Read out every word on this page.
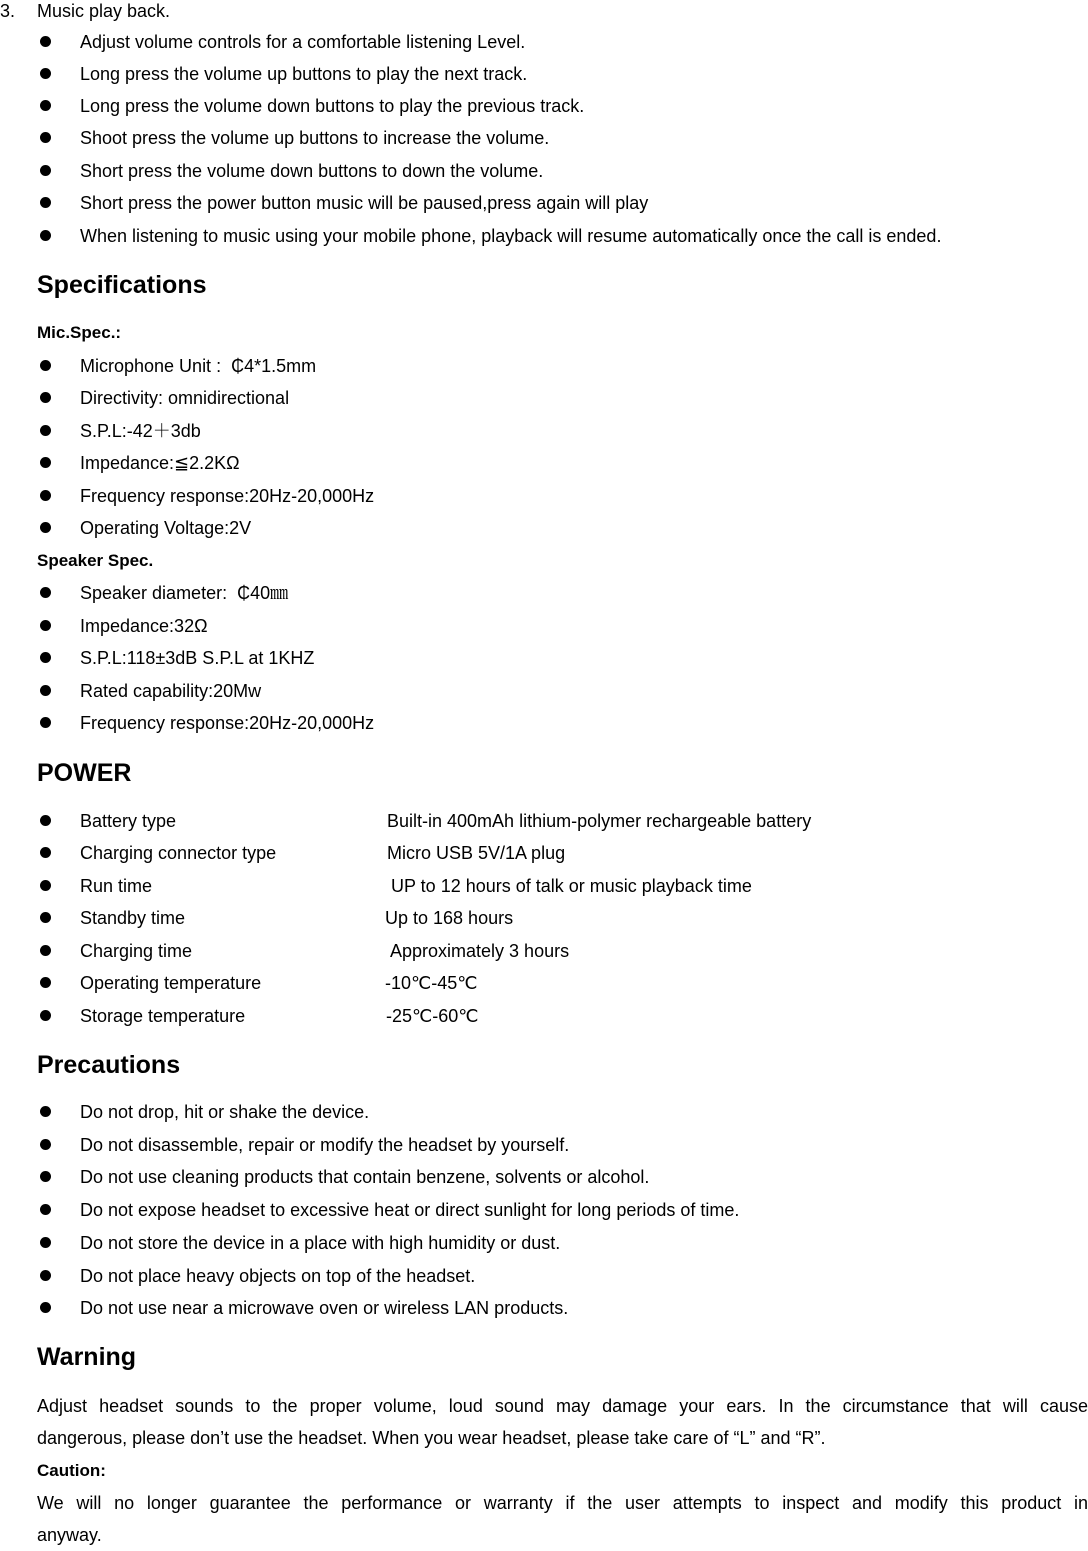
3. Music play back.
Adjust volume controls for a comfortable listening Level.
Long press the volume up buttons to play the next track.
Long press the volume down buttons to play the previous track.
Shoot press the volume up buttons to increase the volume.
Short press the volume down buttons to down the volume.
Short press the power button music will be paused,press again will play
When listening to music using your mobile phone, playback will resume automatically once the call is ended.
Specifications
Mic.Spec.:
Microphone Unit :  ₵4*1.5mm
Directivity: omnidirectional
S.P.L:-42＋3db
Impedance:≦2.2KΩ
Frequency response:20Hz-20,000Hz
Operating Voltage:2V
Speaker Spec.
Speaker diameter:  ₵40㎜
Impedance:32Ω
S.P.L:118±3dB S.P.L at 1KHZ
Rated capability:20Mw
Frequency response:20Hz-20,000Hz
POWER
Battery type	Built-in 400mAh lithium-polymer rechargeable battery
Charging connector type	Micro USB 5V/1A plug
Run time	UP to 12 hours of talk or music playback time
Standby time	Up to 168 hours
Charging time	Approximately 3 hours
Operating temperature	-10℃-45℃
Storage temperature	-25℃-60℃
Precautions
Do not drop, hit or shake the device.
Do not disassemble, repair or modify the headset by yourself.
Do not use cleaning products that contain benzene, solvents or alcohol.
Do not expose headset to excessive heat or direct sunlight for long periods of time.
Do not store the device in a place with high humidity or dust.
Do not place heavy objects on top of the headset.
Do not use near a microwave oven or wireless LAN products.
Warning
Adjust headset sounds to the proper volume, loud sound may damage your ears. In the circumstance that will cause
dangerous, please don’t use the headset. When you wear headset, please take care of “L” and “R”.
Caution:
We will no longer guarantee the performance or warranty if the user attempts to inspect and modify this product in
anyway.
